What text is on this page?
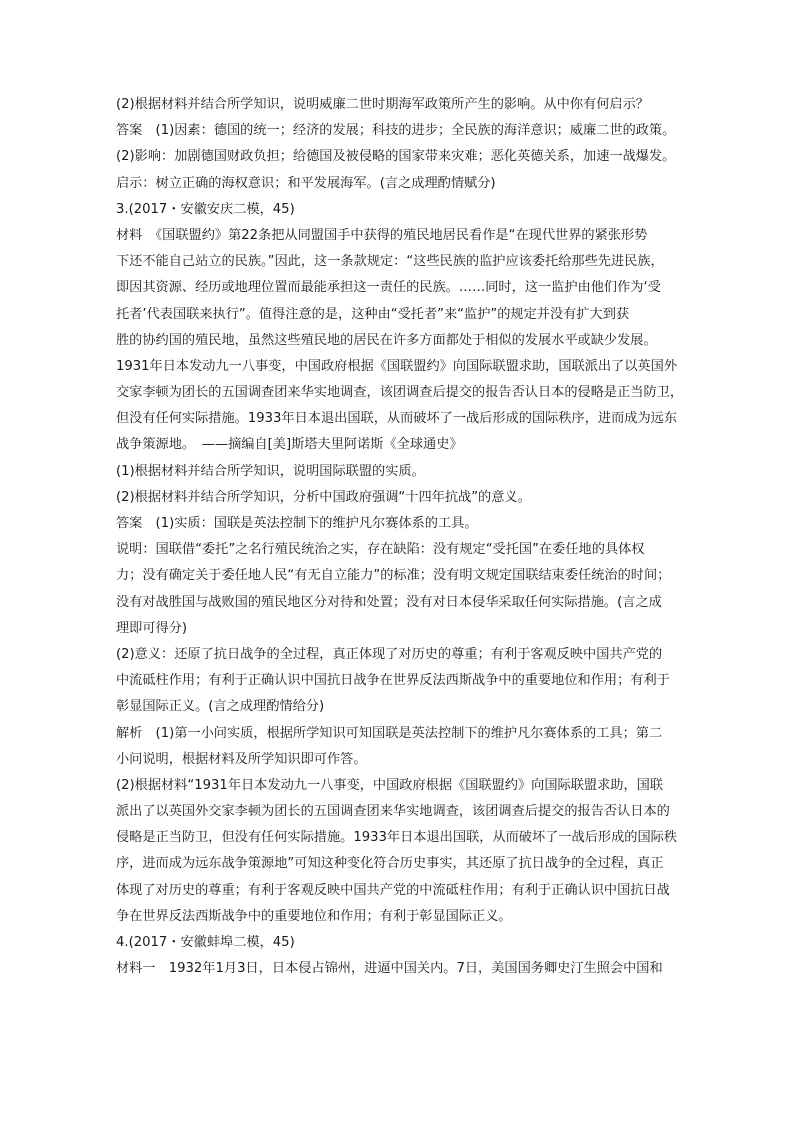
(2)根据材料并结合所学知识，说明威廉二世时期海军政策所产生的影响。从中你有何启示？
答案　(1)因素：德国的统一；经济的发展；科技的进步；全民族的海洋意识；威廉二世的政策。
(2)影响：加剧德国财政负担；给德国及被侵略的国家带来灾难；恶化英德关系，加速一战爆发。
启示：树立正确的海权意识；和平发展海军。(言之成理酌情赋分)
3.(2017・安徽安庆二模，45)
材料　《国联盟约》第22条把从同盟国手中获得的殖民地居民看作是“在现代世界的紧张形势
下还不能自己站立的民族。”因此，这一条款规定：“这些民族的监护应该委托给那些先进民族，
即因其资源、经历或地理位置而最能承担这一责任的民族。……同时，这一监护由他们作为‘受
托者’代表国联来执行”。值得注意的是，这种由“受托者”来“监护”的规定并没有扩大到获
胜的协约国的殖民地，虽然这些殖民地的居民在许多方面都处于相似的发展水平或缺少发展。
1931年日本发动九一八事变，中国政府根据《国联盟约》向国际联盟求助，国联派出了以英国外
交家李顿为团长的五国调查团来华实地调查，该团调查后提交的报告否认日本的侵略是正当防卫，
但没有任何实际措施。1933年日本退出国联，从而破坏了一战后形成的国际秩序，进而成为远东
战争策源地。　——摘编自[美]斯塔夫里阿诺斯《全球通史》
(1)根据材料并结合所学知识，说明国际联盟的实质。
(2)根据材料并结合所学知识，分析中国政府强调“十四年抗战”的意义。
答案　(1)实质：国联是英法控制下的维护凡尔赛体系的工具。
说明：国联借“委托”之名行殖民统治之实，存在缺陷：没有规定“受托国”在委任地的具体权
力；没有确定关于委任地人民“有无自立能力”的标准；没有明文规定国联结束委任统治的时间；
没有对战胜国与战败国的殖民地区分对待和处置；没有对日本侵华采取任何实际措施。(言之成
理即可得分)
(2)意义：还原了抗日战争的全过程，真正体现了对历史的尊重；有利于客观反映中国共产党的
中流砥柱作用；有利于正确认识中国抗日战争在世界反法西斯战争中的重要地位和作用；有利于
彰显国际正义。(言之成理酌情给分)
解析　(1)第一小问实质，根据所学知识可知国联是英法控制下的维护凡尔赛体系的工具；第二
小问说明，根据材料及所学知识即可作答。
(2)根据材料“1931年日本发动九一八事变，中国政府根据《国联盟约》向国际联盟求助，国联
派出了以英国外交家李顿为团长的五国调查团来华实地调查，该团调查后提交的报告否认日本的
侵略是正当防卫，但没有任何实际措施。1933年日本退出国联，从而破坏了一战后形成的国际秩
序，进而成为远东战争策源地”可知这种变化符合历史事实，其还原了抗日战争的全过程，真正
体现了对历史的尊重；有利于客观反映中国共产党的中流砥柱作用；有利于正确认识中国抗日战
争在世界反法西斯战争中的重要地位和作用；有利于彰显国际正义。
4.(2017・安徽蚌埠二模，45)
材料一　1932年1月3日，日本侵占锦州，进逼中国关内。7日，美国国务卿史汀生照会中国和
